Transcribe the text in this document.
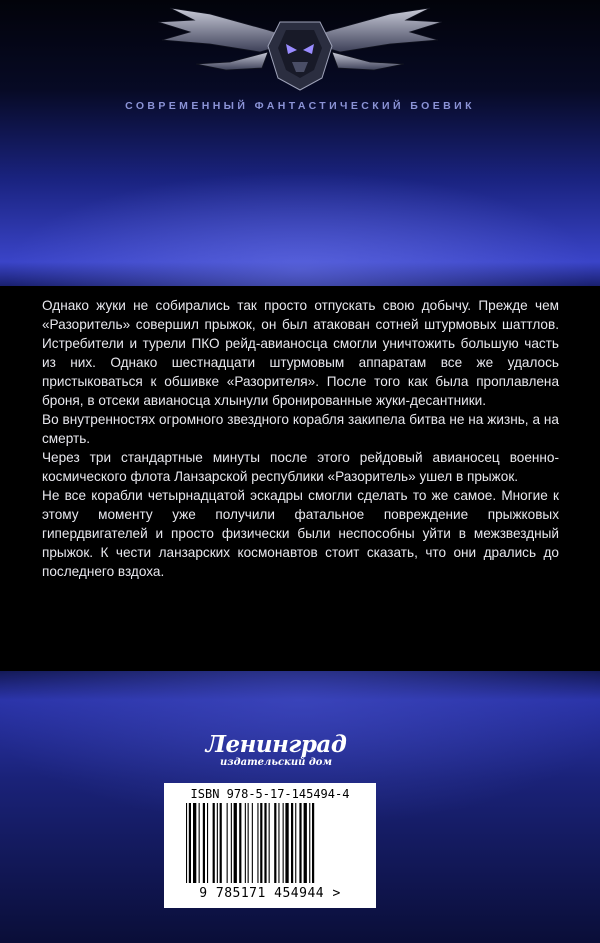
СОВРЕМЕННЫЙ ФАНТАСТИЧЕСКИЙ БОЕВИК

Однако жуки не собирались так просто отпускать свою добычу. Прежде чем «Разоритель» совершил прыжок, он был атакован сотней штурмовых шаттлов. Истребители и турели ПКО рейд-авианосца смогли уничтожить большую часть из них. Однако шестнадцати штурмовым аппаратам все же удалось пристыковаться к обшивке «Разорителя». После того как была проплавлена броня, в отсеки авианосца хлынули бронированные жуки-десантники.

Во внутренностях огромного звездного корабля закипела битва не на жизнь, а на смерть.

Через три стандартные минуты после этого рейдовый авианосец военно-космического флота Ланзарской республики «Разоритель» ушел в прыжок.

Не все корабли четырнадцатой эскадры смогли сделать то же самое. Многие к этому моменту уже получили фатальное повреждение прыжковых гипердвигателей и просто физически были неспособны уйти в межзвездный прыжок. К чести ланзарских космонавтов стоит сказать, что они дрались до последнего вздоха.

Ленинград
издательский дом
ISBN 978-5-17-145494-4
9 785171 454944 >
